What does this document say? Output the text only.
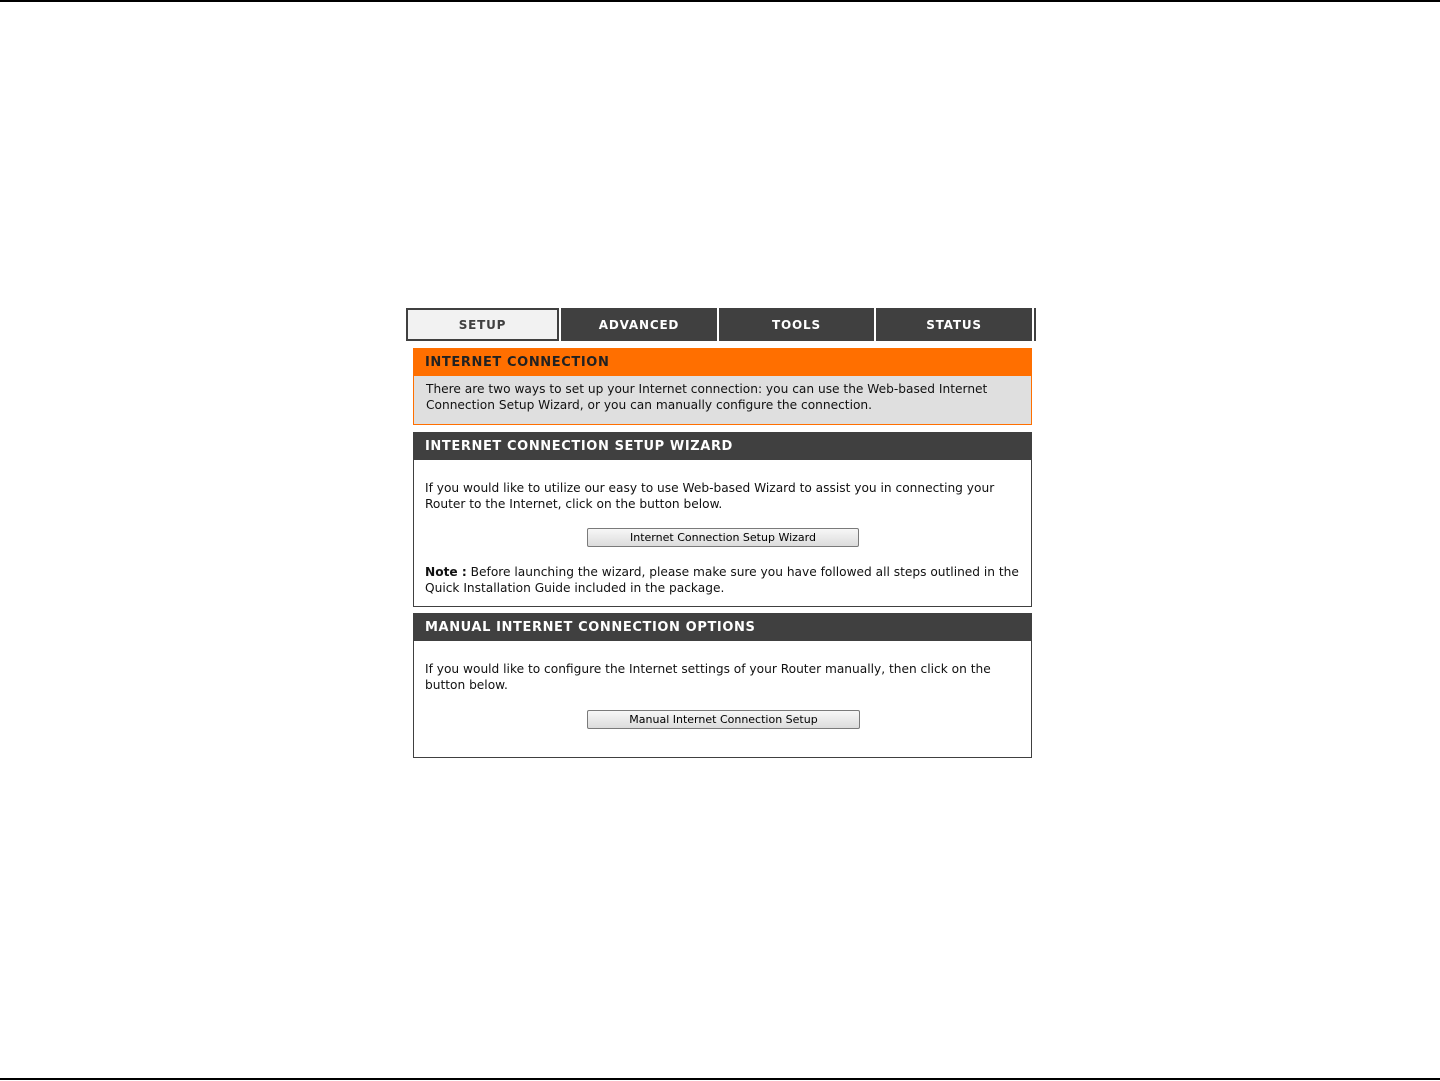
SETUP	ADVANCED	TOOLS	STATUS
INTERNET CONNECTION
There are two ways to set up your Internet connection: you can use the Web-based Internet Connection Setup Wizard, or you can manually configure the connection.
INTERNET CONNECTION SETUP WIZARD
If you would like to utilize our easy to use Web-based Wizard to assist you in connecting your Router to the Internet, click on the button below.
Internet Connection Setup Wizard
Note : Before launching the wizard, please make sure you have followed all steps outlined in the Quick Installation Guide included in the package.
MANUAL INTERNET CONNECTION OPTIONS
If you would like to configure the Internet settings of your Router manually, then click on the button below.
Manual Internet Connection Setup
